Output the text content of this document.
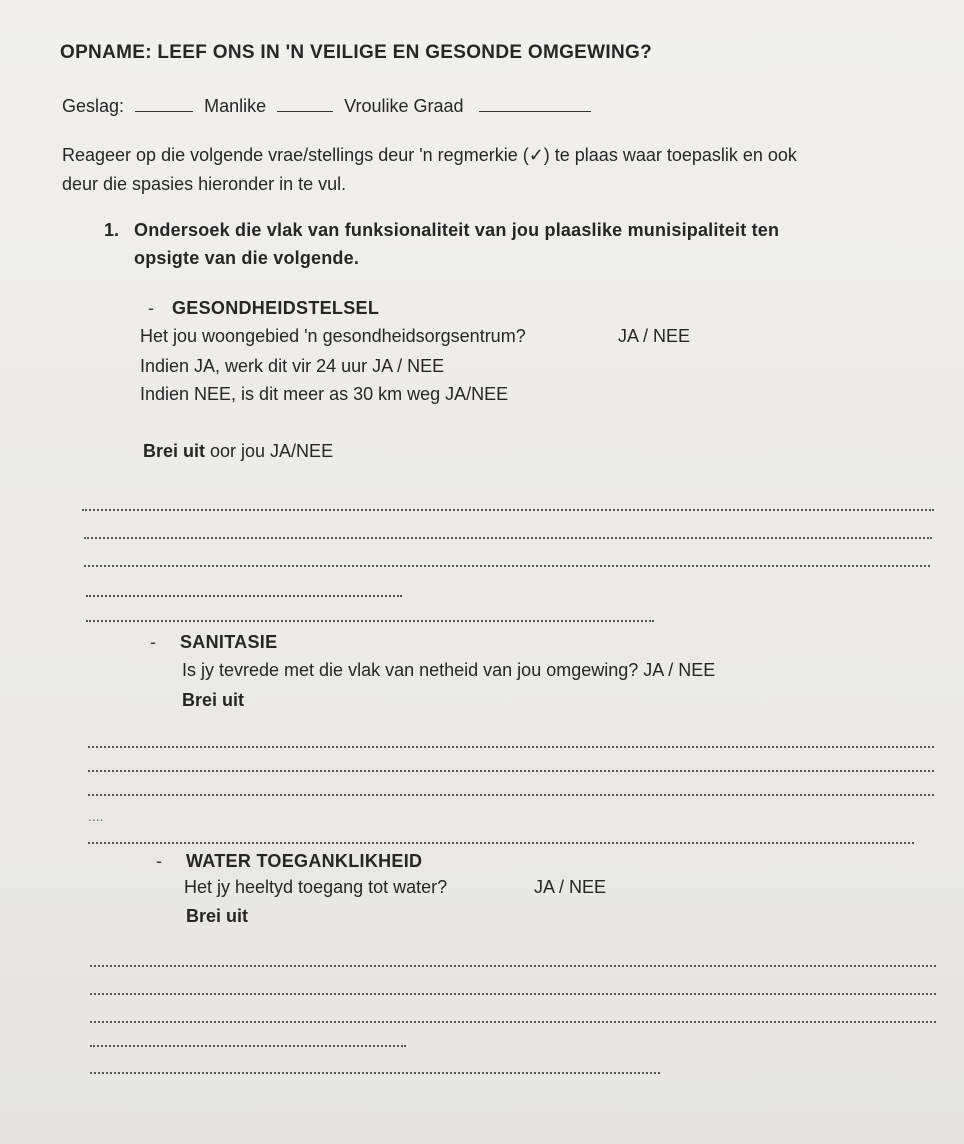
OPNAME: LEEF ONS IN 'N VEILIGE EN GESONDE OMGEWING?
Geslag:	Manlike	Vroulike Graad
Reageer op die volgende vrae/stellings deur 'n regmerkie (✓) te plaas waar toepaslik en ook
deur die spasies hieronder in te vul.
1. Ondersoek die vlak van funksionaliteit van jou plaaslike munisipaliteit ten
opsigte van die volgende.
- GESONDHEIDSTELSEL
Het jou woongebied 'n gesondheidsorgsentrum?	JA / NEE
Indien JA, werk dit vir 24 uur JA / NEE
Indien NEE, is dit meer as 30 km weg JA/NEE
Brei uit oor jou JA/NEE
- SANITASIE
Is jy tevrede met die vlak van netheid van jou omgewing? JA / NEE
Brei uit
....
- WATER TOEGANKLIKHEID
Het jy heeltyd toegang tot water?	JA / NEE
Brei uit
